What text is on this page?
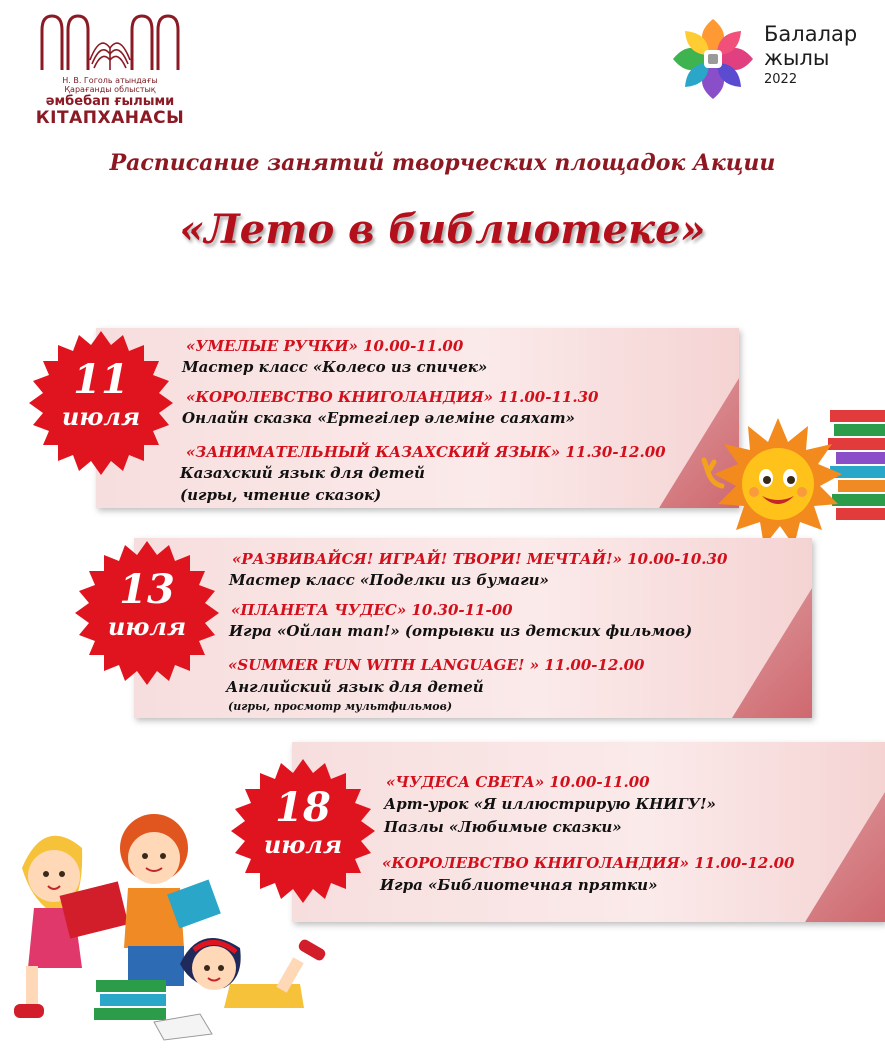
Н. В. Гоголь атындағы
Қарағанды облыстық
әмбебап ғылыми
КІТАПХАНАСЫ
Балалар
жылы
2022
Расписание занятий творческих площадок Акции
«Лето в библиотеке»
11
июля
«УМЕЛЫЕ РУЧКИ» 10.00-11.00
Мастер класс «Колесо из спичек»
«КОРОЛЕВСТВО КНИГОЛАНДИЯ» 11.00-11.30
Онлайн сказка «Ертегілер әлеміне саяхат»
«ЗАНИМАТЕЛЬНЫЙ КАЗАХСКИЙ ЯЗЫК» 11.30-12.00
Казахский язык для детей
(игры, чтение сказок)
13
июля
«РАЗВИВАЙСЯ! ИГРАЙ! ТВОРИ! МЕЧТАЙ!» 10.00-10.30
Мастер класс «Поделки из бумаги»
«ПЛАНЕТА ЧУДЕС» 10.30-11-00
Игра «Ойлан тап!» (отрывки из детских фильмов)
«SUMMER FUN WITH LANGUAGE! » 11.00-12.00
Английский язык для детей
(игры, просмотр мультфильмов)
18
июля
«ЧУДЕСА СВЕТА» 10.00-11.00
Арт-урок «Я иллюстрирую КНИГУ!»
Пазлы «Любимые сказки»
«КОРОЛЕВСТВО КНИГОЛАНДИЯ» 11.00-12.00
Игра «Библиотечная прятки»
